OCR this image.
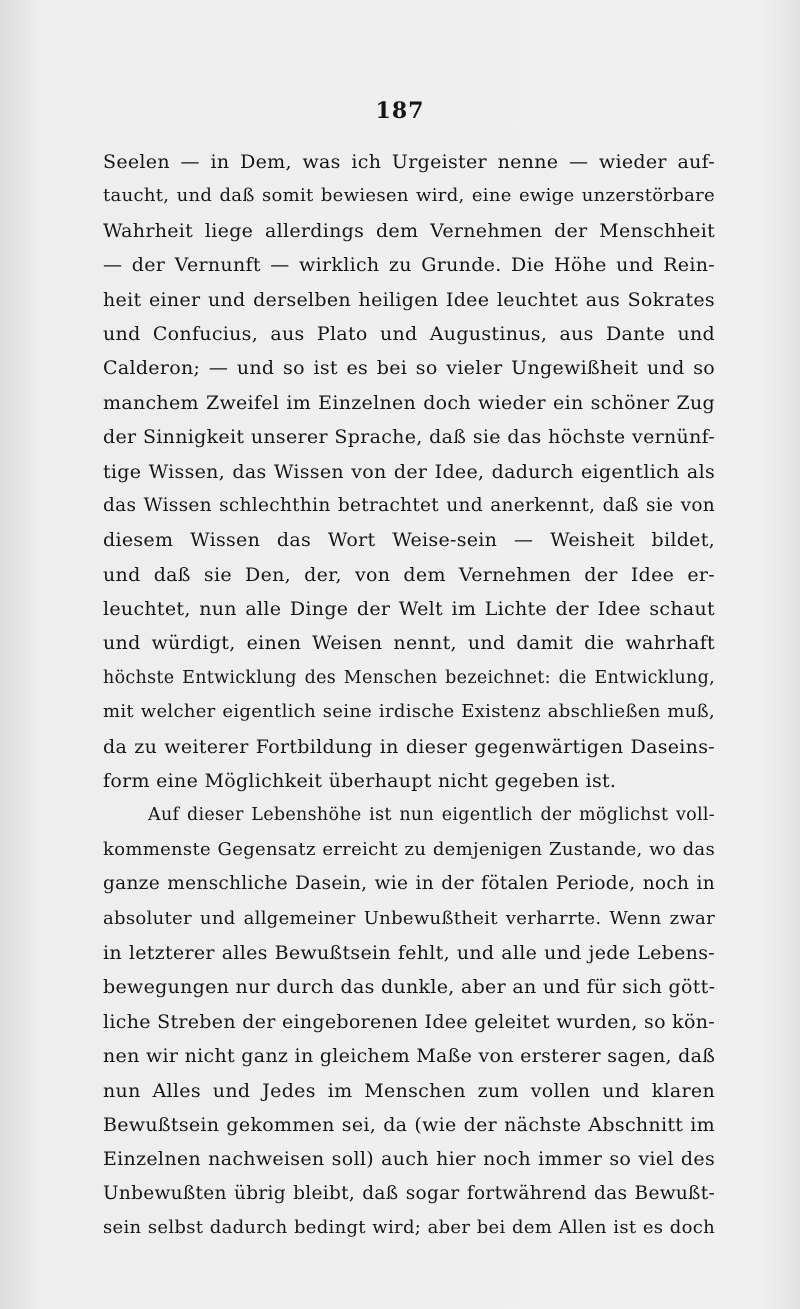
187
Seelen — in Dem, was ich Urgeister nenne — wieder auf-
taucht, und daß somit bewiesen wird, eine ewige unzerstörbare
Wahrheit liege allerdings dem Vernehmen der Menschheit
— der Vernunft — wirklich zu Grunde. Die Höhe und Rein-
heit einer und derselben heiligen Idee leuchtet aus Sokrates
und Confucius, aus Plato und Augustinus, aus Dante und
Calderon; — und so ist es bei so vieler Ungewißheit und so
manchem Zweifel im Einzelnen doch wieder ein schöner Zug
der Sinnigkeit unserer Sprache, daß sie das höchste vernünf-
tige Wissen, das Wissen von der Idee, dadurch eigentlich als
das Wissen schlechthin betrachtet und anerkennt, daß sie von
diesem Wissen das Wort Weise-sein — Weisheit bildet,
und daß sie Den, der, von dem Vernehmen der Idee er-
leuchtet, nun alle Dinge der Welt im Lichte der Idee schaut
und würdigt, einen Weisen nennt, und damit die wahrhaft
höchste Entwicklung des Menschen bezeichnet: die Entwicklung,
mit welcher eigentlich seine irdische Existenz abschließen muß,
da zu weiterer Fortbildung in dieser gegenwärtigen Daseins-
form eine Möglichkeit überhaupt nicht gegeben ist.
Auf dieser Lebenshöhe ist nun eigentlich der möglichst voll-
kommenste Gegensatz erreicht zu demjenigen Zustande, wo das
ganze menschliche Dasein, wie in der fötalen Periode, noch in
absoluter und allgemeiner Unbewußtheit verharrte. Wenn zwar
in letzterer alles Bewußtsein fehlt, und alle und jede Lebens-
bewegungen nur durch das dunkle, aber an und für sich gött-
liche Streben der eingeborenen Idee geleitet wurden, so kön-
nen wir nicht ganz in gleichem Maße von ersterer sagen, daß
nun Alles und Jedes im Menschen zum vollen und klaren
Bewußtsein gekommen sei, da (wie der nächste Abschnitt im
Einzelnen nachweisen soll) auch hier noch immer so viel des
Unbewußten übrig bleibt, daß sogar fortwährend das Bewußt-
sein selbst dadurch bedingt wird; aber bei dem Allen ist es doch
